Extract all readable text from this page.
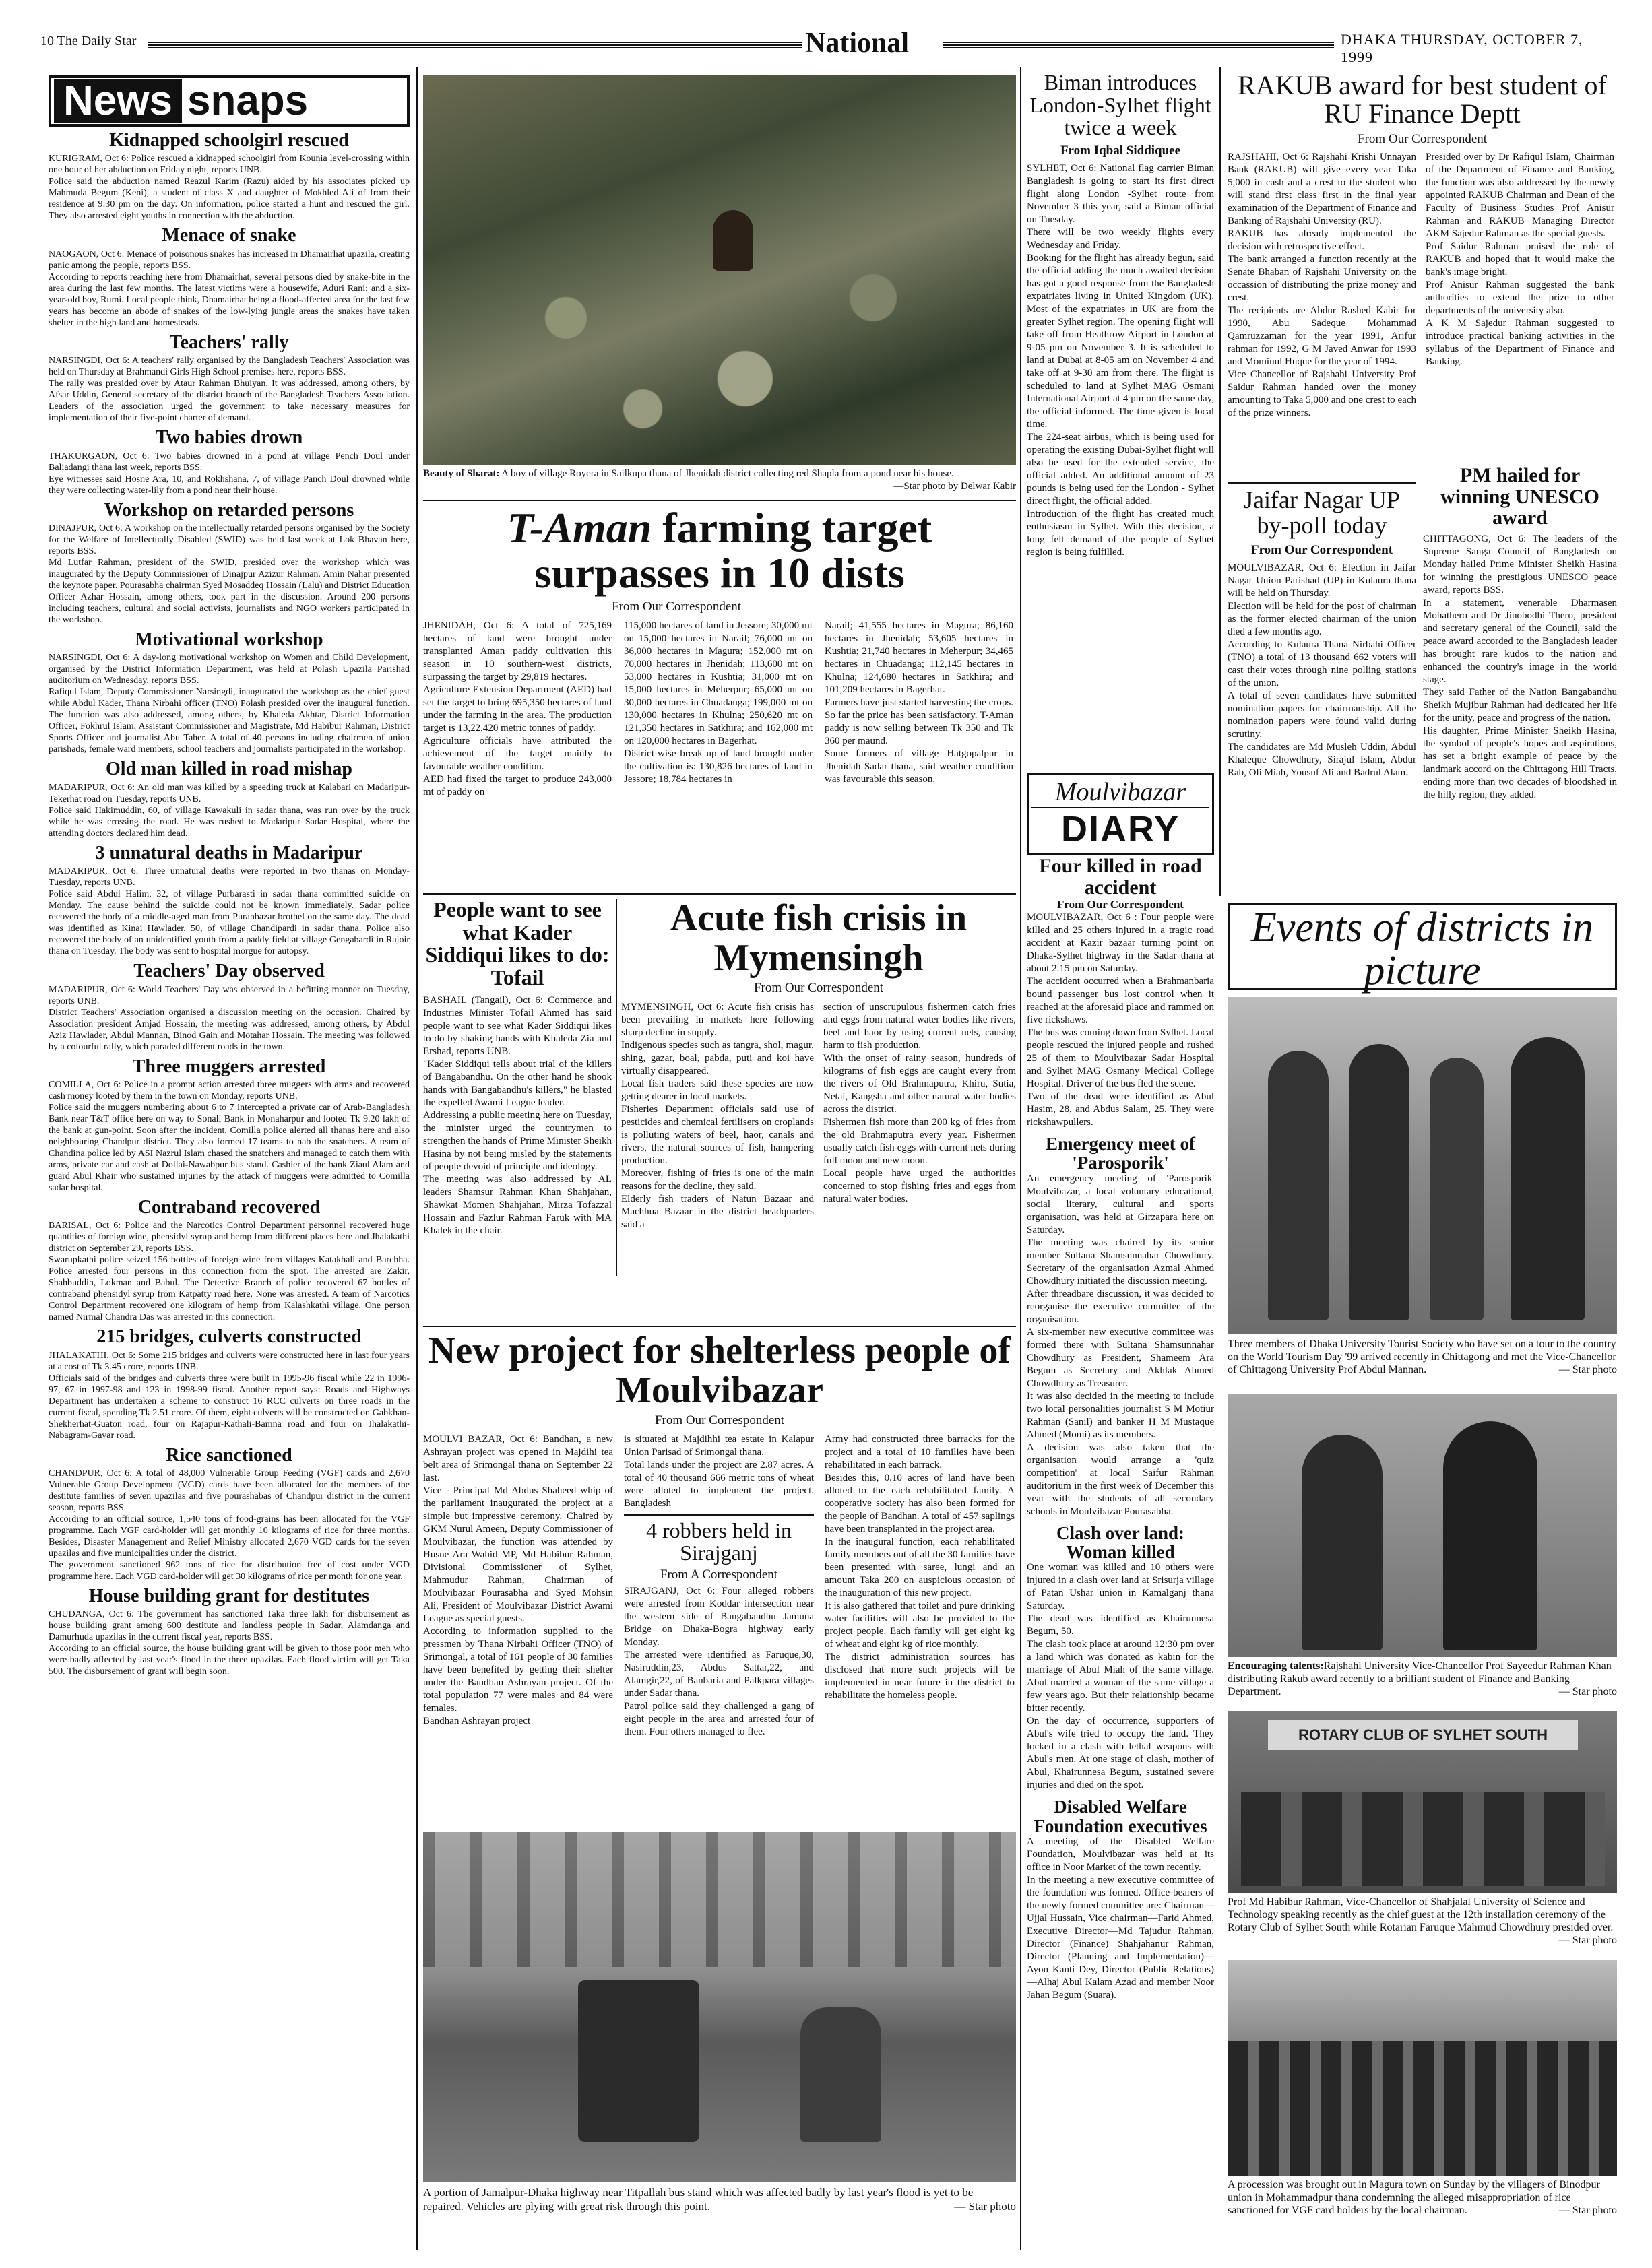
10 The Daily Star	National	DHAKA THURSDAY, OCTOBER 7, 1999
News snaps
Kidnapped schoolgirl rescued

KURIGRAM, Oct 6: Police rescued a kidnapped schoolgirl from Kounia level-crossing within one hour of her abduction on Friday night, reports UNB.
Police said the abduction named Reazul Karim (Razu) aided by his associates picked up Mahmuda Begum (Keni), a student of class X and daughter of Mokhled Ali of from their residence at 9:30 pm on the day. On information, police started a hunt and rescued the girl. They also arrested eight youths in connection with the abduction.

Menace of snake

NAOGAON, Oct 6: Menace of poisonous snakes has increased in Dhamairhat upazila, creating panic among the people, reports BSS.
According to reports reaching here from Dhamairhat, several persons died by snake-bite in the area during the last few months. The latest victims were a housewife, Aduri Rani; and a six-year-old boy, Rumi. Local people think, Dhamairhat being a flood-affected area for the last few years has become an abode of snakes of the low-lying jungle areas the snakes have taken shelter in the high land and homesteads.

Teachers' rally

NARSINGDI, Oct 6: A teachers' rally organised by the Bangladesh Teachers' Association was held on Thursday at Brahmandi Girls High School premises here, reports BSS.
The rally was presided over by Ataur Rahman Bhuiyan. It was addressed, among others, by Afsar Uddin, General secretary of the district branch of the Bangladesh Teachers Association. Leaders of the association urged the government to take necessary measures for implementation of their five-point charter of demand.

Two babies drown

THAKURGAON, Oct 6: Two babies drowned in a pond at village Pench Doul under Baliadangi thana last week, reports BSS.
Eye witnesses said Hosne Ara, 10, and Rokhshana, 7, of village Panch Doul drowned while they were collecting water-lily from a pond near their house.

Workshop on retarded persons

DINAJPUR, Oct 6: A workshop on the intellectually retarded persons organised by the Society for the Welfare of Intellectually Disabled (SWID) was held last week at Lok Bhavan here, reports BSS.
Md Lutfar Rahman, president of the SWID, presided over the workshop which was inaugurated by the Deputy Commissioner of Dinajpur Azizur Rahman. Amin Nahar presented the keynote paper. Pourasabha chairman Syed Mosaddeq Hossain (Lalu) and District Education Officer Azhar Hossain, among others, took part in the discussion. Around 200 persons including teachers, cultural and social activists, journalists and NGO workers participated in the workshop.

Motivational workshop

NARSINGDI, Oct 6: A day-long motivational workshop on Women and Child Development, organised by the District Information Department, was held at Polash Upazila Parishad auditorium on Wednesday, reports BSS.
Rafiqul Islam, Deputy Commissioner Narsingdi, inaugurated the workshop as the chief guest while Abdul Kader, Thana Nirbahi officer (TNO) Polash presided over the inaugural function. The function was also addressed, among others, by Khaleda Akhtar, District Information Officer, Fokhrul Islam, Assistant Commissioner and Magistrate, Md Habibur Rahman, District Sports Officer and journalist Abu Taher. A total of 40 persons including chairmen of union parishads, female ward members, school teachers and journalists participated in the workshop.

Old man killed in road mishap

MADARIPUR, Oct 6: An old man was killed by a speeding truck at Kalabari on Madaripur-Tekerhat road on Tuesday, reports UNB.
Police said Hakimuddin, 60, of village Kawakuli in sadar thana, was run over by the truck while he was crossing the road. He was rushed to Madaripur Sadar Hospital, where the attending doctors declared him dead.

3 unnatural deaths in Madaripur

MADARIPUR, Oct 6: Three unnatural deaths were reported in two thanas on Monday-Tuesday, reports UNB.
Police said Abdul Halim, 32, of village Purbarasti in sadar thana committed suicide on Monday. The cause behind the suicide could not be known immediately. Sadar police recovered the body of a middle-aged man from Puranbazar brothel on the same day. The dead was identified as Kinai Hawlader, 50, of village Chandipardi in sadar thana. Police also recovered the body of an unidentified youth from a paddy field at village Gengabardi in Rajoir thana on Tuesday. The body was sent to hospital morgue for autopsy.

Teachers' Day observed

MADARIPUR, Oct 6: World Teachers' Day was observed in a befitting manner on Tuesday, reports UNB.
District Teachers' Association organised a discussion meeting on the occasion. Chaired by Association president Amjad Hossain, the meeting was addressed, among others, by Abdul Aziz Hawlader, Abdul Mannan, Binod Gain and Motahar Hossain. The meeting was followed by a colourful rally, which paraded different roads in the town.

Three muggers arrested

COMILLA, Oct 6: Police in a prompt action arrested three muggers with arms and recovered cash money looted by them in the town on Monday, reports UNB.
Police said the muggers numbering about 6 to 7 intercepted a private car of Arab-Bangladesh Bank near T&T office here on way to Sonali Bank in Monaharpur and looted Tk 9.20 lakh of the bank at gun-point. Soon after the incident, Comilla police alerted all thanas here and also neighbouring Chandpur district. They also formed 17 teams to nab the snatchers. A team of Chandina police led by ASI Nazrul Islam chased the snatchers and managed to catch them with arms, private car and cash at Dollai-Nawabpur bus stand. Cashier of the bank Ziaul Alam and guard Abul Khair who sustained injuries by the attack of muggers were admitted to Comilla sadar hospital.

Contraband recovered

BARISAL, Oct 6: Police and the Narcotics Control Department personnel recovered huge quantities of foreign wine, phensidyl syrup and hemp from different places here and Jhalakathi district on September 29, reports BSS.
Swarupkathi police seized 156 bottles of foreign wine from villages Katakhali and Barchha. Police arrested four persons in this connection from the spot. The arrested are Zakir, Shahbuddin, Lokman and Babul. The Detective Branch of police recovered 67 bottles of contraband phensidyl syrup from Katpatty road here. None was arrested. A team of Narcotics Control Department recovered one kilogram of hemp from Kalashkathi village. One person named Nirmal Chandra Das was arrested in this connection.

215 bridges, culverts constructed

JHALAKATHI, Oct 6: Some 215 bridges and culverts were constructed here in last four years at a cost of Tk 3.45 crore, reports UNB.
Officials said of the bridges and culverts three were built in 1995-96 fiscal while 22 in 1996-97, 67 in 1997-98 and 123 in 1998-99 fiscal. Another report says: Roads and Highways Department has undertaken a scheme to construct 16 RCC culverts on three roads in the current fiscal, spending Tk 2.51 crore. Of them, eight culverts will be constructed on Gabkhan-Shekherhat-Guaton road, four on Rajapur-Kathali-Bamna road and four on Jhalakathi-Nabagram-Gavar road.

Rice sanctioned

CHANDPUR, Oct 6: A total of 48,000 Vulnerable Group Feeding (VGF) cards and 2,670 Vulnerable Group Development (VGD) cards have been allocated for the members of the destitute families of seven upazilas and five pourashabas of Chandpur district in the current season, reports BSS.
According to an official source, 1,540 tons of food-grains has been allocated for the VGF programme. Each VGF card-holder will get monthly 10 kilograms of rice for three months. Besides, Disaster Management and Relief Ministry allocated 2,670 VGD cards for the seven upazilas and five municipalities under the district.
The government sanctioned 962 tons of rice for distribution free of cost under VGD programme here. Each VGD card-holder will get 30 kilograms of rice per month for one year.

House building grant for destitutes

CHUDANGA, Oct 6: The government has sanctioned Taka three lakh for disbursement as house building grant among 600 destitute and landless people in Sadar, Alamdanga and Damurhuda upazilas in the current fiscal year, reports BSS.
According to an official source, the house building grant will be given to those poor men who were badly affected by last year's flood in the three upazilas. Each flood victim will get Taka 500. The disbursement of grant will begin soon.

Beauty of Sharat: A boy of village Royera in Sailkupa thana of Jhenidah district collecting red Shapla from a pond near his house.
—Star photo by Delwar Kabir

T-Aman farming target surpasses in 10 dists

From Our Correspondent

JHENIDAH, Oct 6: A total of 725,169 hectares of land were brought under transplanted Aman paddy cultivation this season in 10 southern-west districts, surpassing the target by 29,819 hectares.
Agriculture Extension Department (AED) had set the target to bring 695,350 hectares of land under the farming in the area. The production target is 13,22,420 metric tonnes of paddy.
Agriculture officials have attributed the achievement of the target mainly to favourable weather condition.
AED had fixed the target to produce 243,000 mt of paddy on

115,000 hectares of land in Jessore; 30,000 mt on 15,000 hectares in Narail; 76,000 mt on 36,000 hectares in Magura; 152,000 mt on 70,000 hectares in Jhenidah; 113,600 mt on 53,000 hectares in Kushtia; 31,000 mt on 15,000 hectares in Meherpur; 65,000 mt on 30,000 hectares in Chuadanga; 199,000 mt on 130,000 hectares in Khulna; 250,620 mt on 121,350 hectares in Satkhira; and 162,000 mt on 120,000 hectares in Bagerhat.
District-wise break up of land brought under the cultivation is: 130,826 hectares of land in Jessore; 18,784 hectares in

Narail; 41,555 hectares in Magura; 86,160 hectares in Jhenidah; 53,605 hectares in Kushtia; 21,740 hectares in Meherpur; 34,465 hectares in Chuadanga; 112,145 hectares in Khulna; 124,680 hectares in Satkhira; and 101,209 hectares in Bagerhat.
Farmers have just started harvesting the crops. So far the price has been satisfactory. T-Aman paddy is now selling between Tk 350 and Tk 360 per maund.
Some farmers of village Hatgopalpur in Jhenidah Sadar thana, said weather condition was favourable this season.

People want to see what Kader Siddiqui likes to do: Tofail

BASHAIL (Tangail), Oct 6: Commerce and Industries Minister Tofail Ahmed has said people want to see what Kader Siddiqui likes to do by shaking hands with Khaleda Zia and Ershad, reports UNB.
"Kader Siddiqui tells about trial of the killers of Bangabandhu. On the other hand he shook hands with Bangabandhu's killers," he blasted the expelled Awami League leader.
Addressing a public meeting here on Tuesday, the minister urged the countrymen to strengthen the hands of Prime Minister Sheikh Hasina by not being misled by the statements of people devoid of principle and ideology.
The meeting was also addressed by AL leaders Shamsur Rahman Khan Shahjahan, Shawkat Momen Shahjahan, Mirza Tofazzal Hossain and Fazlur Rahman Faruk with MA Khalek in the chair.

Acute fish crisis in Mymensingh

From Our Correspondent

MYMENSINGH, Oct 6: Acute fish crisis has been prevailing in markets here following sharp decline in supply.
Indigenous species such as tangra, shol, magur, shing, gazar, boal, pabda, puti and koi have virtually disappeared.
Local fish traders said these species are now getting dearer in local markets.
Fisheries Department officials said use of pesticides and chemical fertilisers on croplands is polluting waters of beel, haor, canals and rivers, the natural sources of fish, hampering production.
Moreover, fishing of fries is one of the main reasons for the decline, they said.
Elderly fish traders of Natun Bazaar and Machhua Bazaar in the district headquarters said a

section of unscrupulous fishermen catch fries and eggs from natural water bodies like rivers, beel and haor by using current nets, causing harm to fish production.
With the onset of rainy season, hundreds of kilograms of fish eggs are caught every from the rivers of Old Brahmaputra, Khiru, Sutia, Netai, Kangsha and other natural water bodies across the district.
Fishermen fish more than 200 kg of fries from the old Brahmaputra every year. Fishermen usually catch fish eggs with current nets during full moon and new moon.
Local people have urged the authorities concerned to stop fishing fries and eggs from natural water bodies.

New project for shelterless people of Moulvibazar

From Our Correspondent

MOULVI BAZAR, Oct 6: Bandhan, a new Ashrayan project was opened in Majdihi tea belt area of Srimongal thana on September 22 last.
Vice - Principal Md Abdus Shaheed whip of the parliament inaugurated the project at a simple but impressive ceremony. Chaired by GKM Nurul Ameen, Deputy Commissioner of Moulvibazar, the function was attended by Husne Ara Wahid MP, Md Habibur Rahman, Divisional Commissioner of Sylhet, Mahmudur Rahman, Chairman of Moulvibazar Pourasabha and Syed Mohsin Ali, President of Moulvibazar District Awami League as special guests.
According to information supplied to the pressmen by Thana Nirbahi Officer (TNO) of Srimongal, a total of 161 people of 30 families have been benefited by getting their shelter under the Bandhan Ashrayan project. Of the total population 77 were males and 84 were females.
Bandhan Ashrayan project

is situated at Majdihhi tea estate in Kalapur Union Parisad of Srimongal thana.
Total lands under the project are 2.87 acres. A total of 40 thousand 666 metric tons of wheat were alloted to implement the project. Bangladesh

4 robbers held in Sirajganj

From A Correspondent

SIRAJGANJ, Oct 6: Four alleged robbers were arrested from Koddar intersection near the western side of Bangabandhu Jamuna Bridge on Dhaka-Bogra highway early Monday.
The arrested were identified as Faruque,30, Nasiruddin,23, Abdus Sattar,22, and Alamgir,22, of Banbaria and Palkpara villages under Sadar thana.
Patrol police said they challenged a gang of eight people in the area and arrested four of them. Four others managed to flee.

Army had constructed three barracks for the project and a total of 10 families have been rehabilitated in each barrack.
Besides this, 0.10 acres of land have been alloted to the each rehabilitated family. A cooperative society has also been formed for the people of Bandhan. A total of 457 saplings have been transplanted in the project area.
In the inaugural function, each rehabilitated family members out of all the 30 families have been presented with saree, lungi and an amount Taka 200 on auspicious occasion of the inauguration of this new project.
It is also gathered that toilet and pure drinking water facilities will also be provided to the project people. Each family will get eight kg of wheat and eight kg of rice monthly.
The district administration sources has disclosed that more such projects will be implemented in near future in the district to rehabilitate the homeless people.

A portion of Jamalpur-Dhaka highway near Titpallah bus stand which was affected badly by last year's flood is yet to be repaired. Vehicles are plying with great risk through this point.	— Star photo

Biman introduces London-Sylhet flight twice a week

From Iqbal Siddiquee

SYLHET, Oct 6: National flag carrier Biman Bangladesh is going to start its first direct flight along London -Sylhet route from November 3 this year, said a Biman official on Tuesday.
There will be two weekly flights every Wednesday and Friday.
Booking for the flight has already begun, said the official adding the much awaited decision has got a good response from the Bangladesh expatriates living in United Kingdom (UK). Most of the expatriates in UK are from the greater Sylhet region. The opening flight will take off from Heathrow Airport in London at 9-05 pm on November 3. It is scheduled to land at Dubai at 8-05 am on November 4 and take off at 9-30 am from there. The flight is scheduled to land at Sylhet MAG Osmani International Airport at 4 pm on the same day, the official informed. The time given is local time.
The 224-seat airbus, which is being used for operating the existing Dubai-Sylhet flight will also be used for the extended service, the official added. An additional amount of 23 pounds is being used for the London - Sylhet direct flight, the official added.
Introduction of the flight has created much enthusiasm in Sylhet. With this decision, a long felt demand of the people of Sylhet region is being fulfilled.

Moulvibazar
DIARY
RAKUB award for best student of RU Finance Deptt

From Our Correspondent

RAJSHAHI, Oct 6: Rajshahi Krishi Unnayan Bank (RAKUB) will give every year Taka 5,000 in cash and a crest to the student who will stand first class first in the final year examination of the Department of Finance and Banking of Rajshahi University (RU).
RAKUB has already implemented the decision with retrospective effect.
The bank arranged a function recently at the Senate Bhaban of Rajshahi University on the occassion of distributing the prize money and crest.
The recipients are Abdur Rashed Kabir for 1990, Abu Sadeque Mohammad Qamruzzaman for the year 1991, Arifur rahman for 1992, G M Javed Anwar for 1993 and Mominul Huque for the year of 1994.
Vice Chancellor of Rajshahi University Prof Saidur Rahman handed over the money amounting to Taka 5,000 and one crest to each of the prize winners.

Presided over by Dr Rafiqul Islam, Chairman of the Department of Finance and Banking, the function was also addressed by the newly appointed RAKUB Chairman and Dean of the Faculty of Business Studies Prof Anisur Rahman and RAKUB Managing Director AKM Sajedur Rahman as the special guests.
Prof Saidur Rahman praised the role of RAKUB and hoped that it would make the bank's image bright.
Prof Anisur Rahman suggested the bank authorities to extend the prize to other departments of the university also.
A K M Sajedur Rahman suggested to introduce practical banking activities in the syllabus of the Department of Finance and Banking.

Jaifar Nagar UP by-poll today

From Our Correspondent

MOULVIBAZAR, Oct 6: Election in Jaifar Nagar Union Parishad (UP) in Kulaura thana will be held on Thursday.
Election will be held for the post of chairman as the former elected chairman of the union died a few months ago.
According to Kulaura Thana Nirbahi Officer (TNO) a total of 13 thousand 662 voters will cast their votes through nine polling stations of the union.
A total of seven candidates have submitted nomination papers for chairmanship. All the nomination papers were found valid during scrutiny.
The candidates are Md Musleh Uddin, Abdul Khaleque Chowdhury, Sirajul Islam, Abdur Rab, Oli Miah, Yousuf Ali and Badrul Alam.

PM hailed for winning UNESCO award

CHITTAGONG, Oct 6: The leaders of the Supreme Sanga Council of Bangladesh on Monday hailed Prime Minister Sheikh Hasina for winning the prestigious UNESCO peace award, reports BSS.
In a statement, venerable Dharmasen Mohathero and Dr Jinobodhi Thero, president and secretary general of the Council, said the peace award accorded to the Bangladesh leader has brought rare kudos to the nation and enhanced the country's image in the world stage.
They said Father of the Nation Bangabandhu Sheikh Mujibur Rahman had dedicated her life for the unity, peace and progress of the nation.
His daughter, Prime Minister Sheikh Hasina, the symbol of people's hopes and aspirations, has set a bright example of peace by the landmark accord on the Chittagong Hill Tracts, ending more than two decades of bloodshed in the hilly region, they added.

Four killed in road accident

From Our Correspondent

MOULVIBAZAR, Oct 6 : Four people were killed and 25 others injured in a tragic road accident at Kazir bazaar turning point on Dhaka-Sylhet highway in the Sadar thana at about 2.15 pm on Saturday.
The accident occurred when a Brahmanbaria bound passenger bus lost control when it reached at the aforesaid place and rammed on five rickshaws.
The bus was coming down from Sylhet. Local people rescued the injured people and rushed 25 of them to Moulvibazar Sadar Hospital and Sylhet MAG Osmany Medical College Hospital. Driver of the bus fled the scene.
Two of the dead were identified as Abul Hasim, 28, and Abdus Salam, 25. They were rickshawpullers.

Emergency meet of 'Parosporik'

An emergency meeting of 'Parosporik' Moulvibazar, a local voluntary educational, social literary, cultural and sports organisation, was held at Girzapara here on Saturday.
The meeting was chaired by its senior member Sultana Shamsunnahar Chowdhury. Secretary of the organisation Azmal Ahmed Chowdhury initiated the discussion meeting.
After threadbare discussion, it was decided to reorganise the executive committee of the organisation.
A six-member new executive committee was formed there with Sultana Shamsunnahar Chowdhury as President, Shameem Ara Begum as Secretary and Akhlak Ahmed Chowdhury as Treasurer.
It was also decided in the meeting to include two local personalities journalist S M Motiur Rahman (Sanil) and banker H M Mustaque Ahmed (Momi) as its members.
A decision was also taken that the organisation would arrange a 'quiz competition' at local Saifur Rahman auditorium in the first week of December this year with the students of all secondary schools in Moulvibazar Pourasabha.

Clash over land: Woman killed

One woman was killed and 10 others were injured in a clash over land at Srisurja village of Patan Ushar union in Kamalganj thana Saturday.
The dead was identified as Khairunnesa Begum, 50.
The clash took place at around 12:30 pm over a land which was donated as kabin for the marriage of Abul Miah of the same village. Abul married a woman of the same village a few years ago. But their relationship became bitter recently.
On the day of occurrence, supporters of Abul's wife tried to occupy the land. They locked in a clash with lethal weapons with Abul's men. At one stage of clash, mother of Abul, Khairunnesa Begum, sustained severe injuries and died on the spot.

Disabled Welfare Foundation executives

A meeting of the Disabled Welfare Foundation, Moulvibazar was held at its office in Noor Market of the town recently.
In the meeting a new executive committee of the foundation was formed. Office-bearers of the newly formed committee are: Chairman—Ujjal Hussain, Vice chairman—Farid Ahmed, Executive Director—Md Tajudur Rahman, Director (Finance) Shahjahanur Rahman, Director (Planning and Implementation)—Ayon Kanti Dey, Director (Public Relations)—Alhaj Abul Kalam Azad and member Noor Jahan Begum (Suara).

Events of districts in picture

Three members of Dhaka University Tourist Society who have set on a tour to the country on the World Tourism Day '99 arrived recently in Chittagong and met the Vice-Chancellor of Chittagong University Prof Abdul Mannan.	— Star photo

Encouraging talents:Rajshahi University Vice-Chancellor Prof Sayeedur Rahman Khan distributing Rakub award recently to a brilliant student of Finance and Banking Department.	— Star photo

ROTARY CLUB OF SYLHET SOUTH

Prof Md Habibur Rahman, Vice-Chancellor of Shahjalal University of Science and Technology speaking recently as the chief guest at the 12th installation ceremony of the Rotary Club of Sylhet South while Rotarian Faruque Mahmud Chowdhury presided over.
— Star photo

A procession was brought out in Magura town on Sunday by the villagers of Binodpur union in Mohammadpur thana condemning the alleged misappropriation of rice sanctioned for VGF card holders by the local chairman.	— Star photo
